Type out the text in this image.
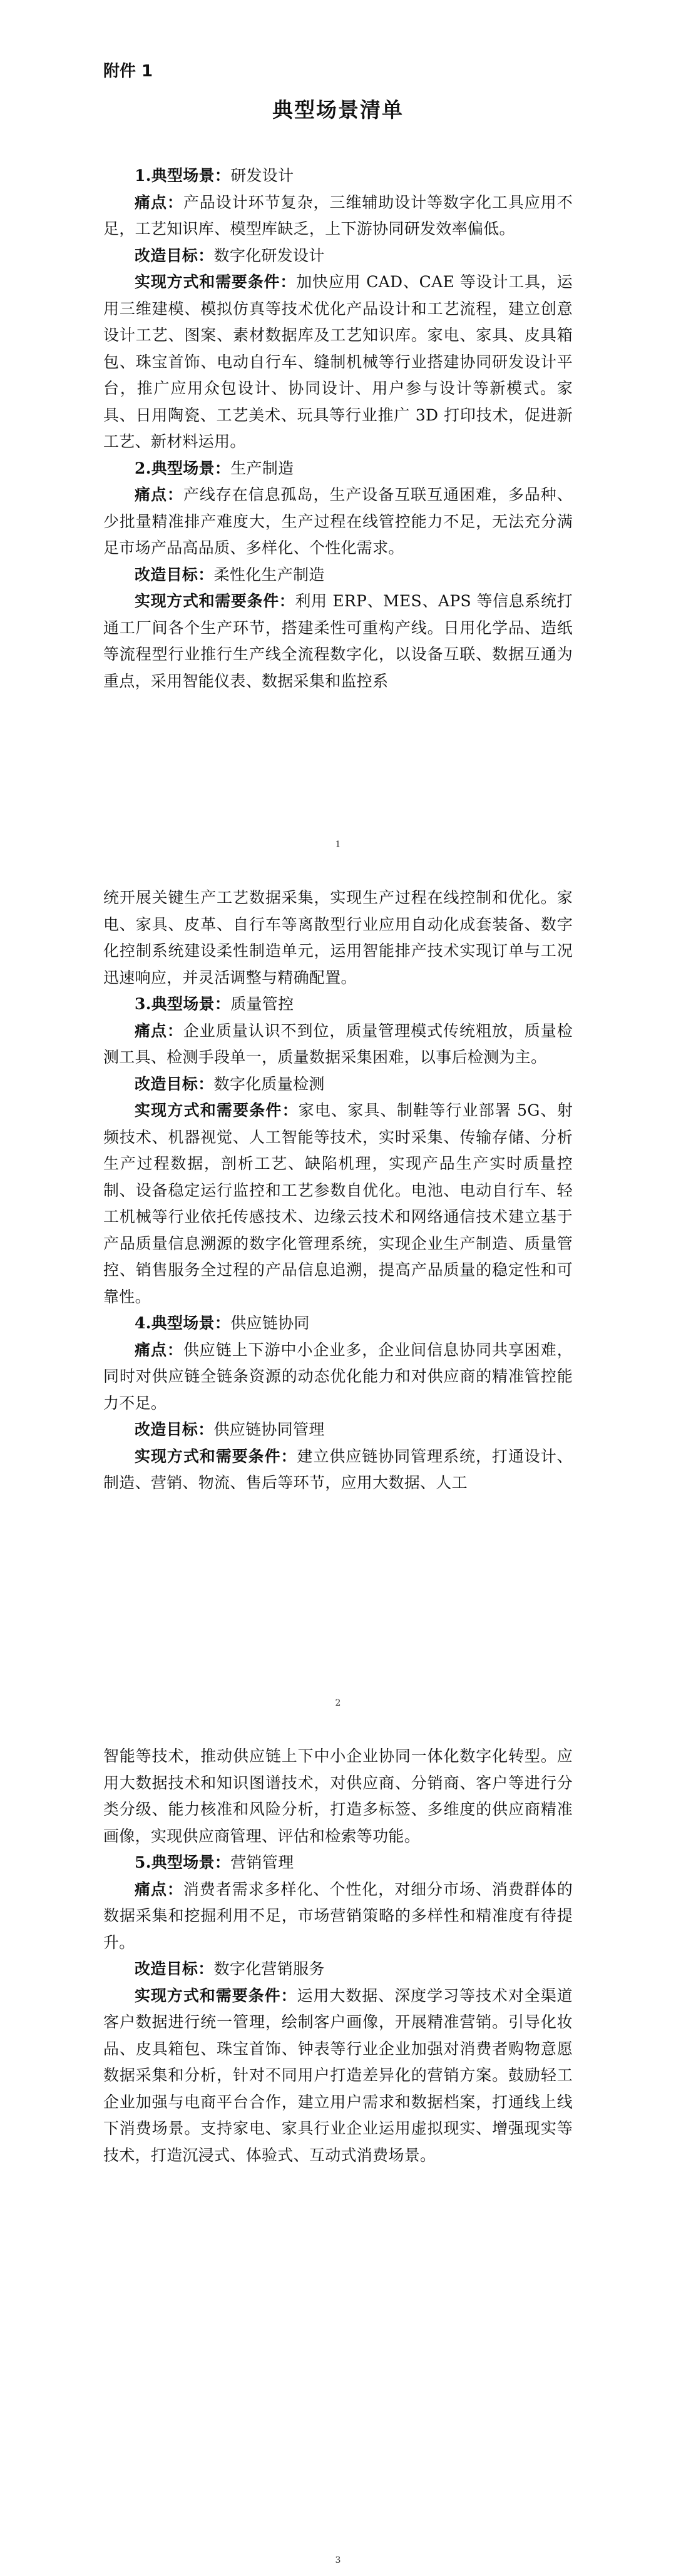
附件 1
典型场景清单

1.典型场景：研发设计

痛点：产品设计环节复杂，三维辅助设计等数字化工具应用不足，工艺知识库、模型库缺乏，上下游协同研发效率偏低。

改造目标：数字化研发设计

实现方式和需要条件：加快应用 CAD、CAE 等设计工具，运用三维建模、模拟仿真等技术优化产品设计和工艺流程，建立创意设计工艺、图案、素材数据库及工艺知识库。家电、家具、皮具箱包、珠宝首饰、电动自行车、缝制机械等行业搭建协同研发设计平台，推广应用众包设计、协同设计、用户参与设计等新模式。家具、日用陶瓷、工艺美术、玩具等行业推广 3D 打印技术，促进新工艺、新材料运用。

2.典型场景：生产制造

痛点：产线存在信息孤岛，生产设备互联互通困难，多品种、少批量精准排产难度大，生产过程在线管控能力不足，无法充分满足市场产品高品质、多样化、个性化需求。

改造目标：柔性化生产制造

实现方式和需要条件：利用 ERP、MES、APS 等信息系统打通工厂间各个生产环节，搭建柔性可重构产线。日用化学品、造纸等流程型行业推行生产线全流程数字化，以设备互联、数据互通为重点，采用智能仪表、数据采集和监控系

1

统开展关键生产工艺数据采集，实现生产过程在线控制和优化。家电、家具、皮革、自行车等离散型行业应用自动化成套装备、数字化控制系统建设柔性制造单元，运用智能排产技术实现订单与工况迅速响应，并灵活调整与精确配置。

3.典型场景：质量管控

痛点：企业质量认识不到位，质量管理模式传统粗放，质量检测工具、检测手段单一，质量数据采集困难，以事后检测为主。

改造目标：数字化质量检测

实现方式和需要条件：家电、家具、制鞋等行业部署 5G、射频技术、机器视觉、人工智能等技术，实时采集、传输存储、分析生产过程数据，剖析工艺、缺陷机理，实现产品生产实时质量控制、设备稳定运行监控和工艺参数自优化。电池、电动自行车、轻工机械等行业依托传感技术、边缘云技术和网络通信技术建立基于产品质量信息溯源的数字化管理系统，实现企业生产制造、质量管控、销售服务全过程的产品信息追溯，提高产品质量的稳定性和可靠性。

4.典型场景：供应链协同

痛点：供应链上下游中小企业多，企业间信息协同共享困难，同时对供应链全链条资源的动态优化能力和对供应商的精准管控能力不足。

改造目标：供应链协同管理

实现方式和需要条件：建立供应链协同管理系统，打通设计、制造、营销、物流、售后等环节，应用大数据、人工

2

智能等技术，推动供应链上下中小企业协同一体化数字化转型。应用大数据技术和知识图谱技术，对供应商、分销商、客户等进行分类分级、能力核准和风险分析，打造多标签、多维度的供应商精准画像，实现供应商管理、评估和检索等功能。

5.典型场景：营销管理

痛点：消费者需求多样化、个性化，对细分市场、消费群体的数据采集和挖掘利用不足，市场营销策略的多样性和精准度有待提升。

改造目标：数字化营销服务

实现方式和需要条件：运用大数据、深度学习等技术对全渠道客户数据进行统一管理，绘制客户画像，开展精准营销。引导化妆品、皮具箱包、珠宝首饰、钟表等行业企业加强对消费者购物意愿数据采集和分析，针对不同用户打造差异化的营销方案。鼓励轻工企业加强与电商平台合作，建立用户需求和数据档案，打通线上线下消费场景。支持家电、家具行业企业运用虚拟现实、增强现实等技术，打造沉浸式、体验式、互动式消费场景。

3
